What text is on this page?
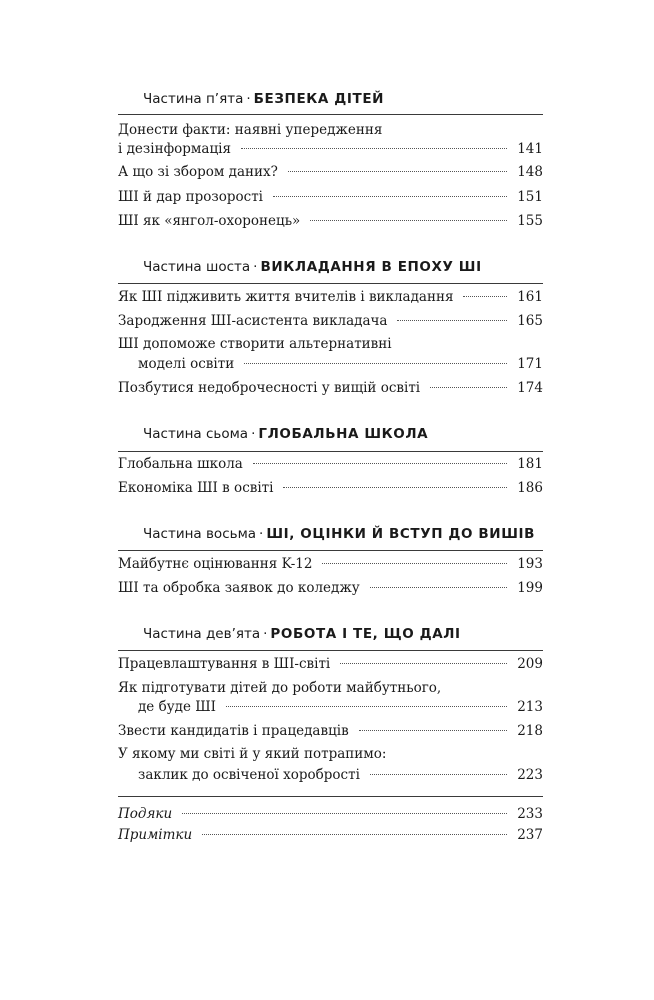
Частина п’ята · БЕЗПЕКА ДІТЕЙ
Донести факти: наявні упередження
і дезінформація	141
А що зі збором даних?	148
ШІ й дар прозорості	151
ШІ як «янгол-охоронець»	155
Частина шоста · ВИКЛАДАННЯ В ЕПОХУ ШІ
Як ШІ підживить життя вчителів і викладання	161
Зародження ШІ-асистента викладача	165
ШІ допоможе створити альтернативні
моделі освіти	171
Позбутися недоброчесності у вищій освіті	174
Частина сьома · ГЛОБАЛЬНА ШКОЛА
Глобальна школа	181
Економіка ШІ в освіті	186
Частина восьма · ШІ, ОЦІНКИ Й ВСТУП ДО ВИШІВ
Майбутнє оцінювання K-12	193
ШІ та обробка заявок до коледжу	199
Частина дев’ята · РОБОТА І ТЕ, ЩО ДАЛІ
Працевлаштування в ШІ-світі	209
Як підготувати дітей до роботи майбутнього,
де буде ШІ	213
Звести кандидатів і працедавців	218
У якому ми світі й у який потрапимо:
заклик до освіченої хоробрості	223
Подяки	233
Примітки	237
